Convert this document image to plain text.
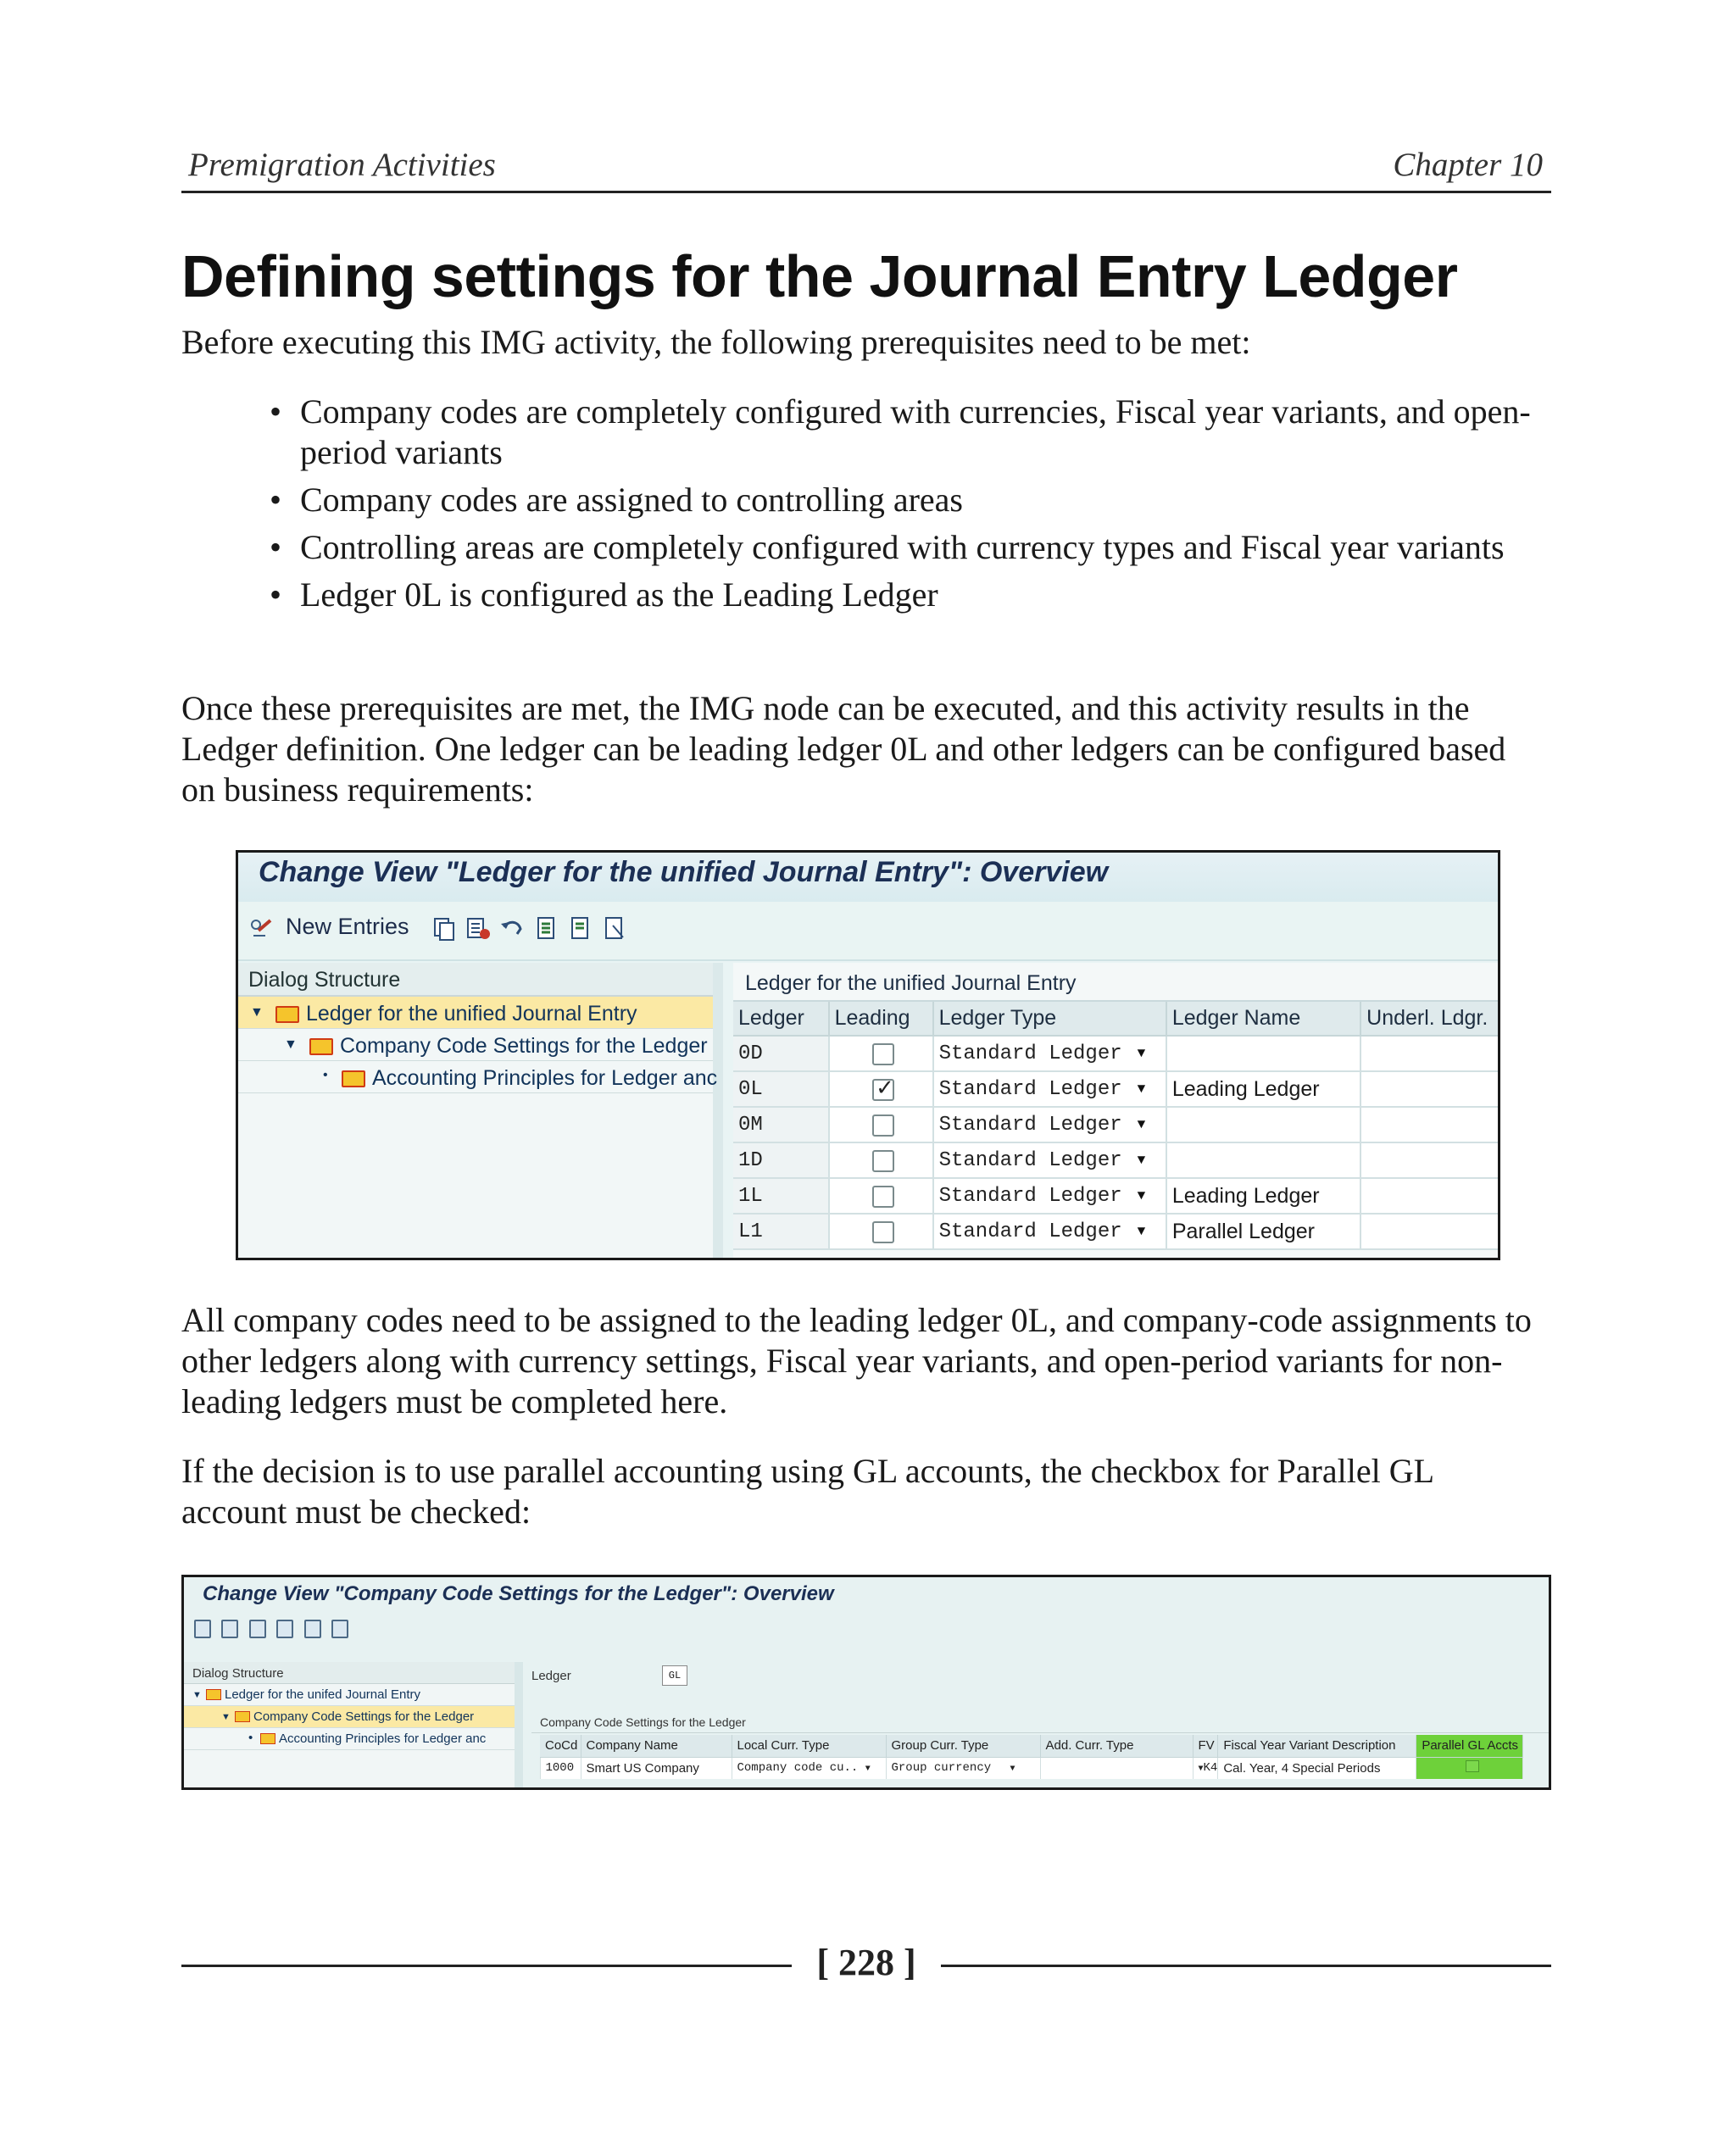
Premigration Activities	Chapter 10
Defining settings for the Journal Entry Ledger

Before executing this IMG activity, the following prerequisites need to be met:

• Company codes are completely configured with currencies, Fiscal year variants, and open-period variants
• Company codes are assigned to controlling areas
• Controlling areas are completely configured with currency types and Fiscal year variants
• Ledger 0L is configured as the Leading Ledger

Once these prerequisites are met, the IMG node can be executed, and this activity results in the Ledger definition. One ledger can be leading ledger 0L and other ledgers can be configured based on business requirements:

Change View "Ledger for the unified Journal Entry": Overview
New Entries
Dialog Structure
▼	Ledger for the unified Journal Entry
▼	Company Code Settings for the Ledger
•	Accounting Principles for Ledger anc
Ledger for the unified Journal Entry
Ledger	Leading	Ledger Type	Ledger Name	Underl. Ldgr.
0D		Standard Ledger ▼		
0L	✓	Standard Ledger ▼	Leading Ledger	
0M		Standard Ledger ▼		
1D		Standard Ledger ▼		
1L		Standard Ledger ▼	Leading Ledger	
L1		Standard Ledger ▼	Parallel Ledger	

All company codes need to be assigned to the leading ledger 0L, and company-code assignments to other ledgers along with currency settings, Fiscal year variants, and open-period variants for non-leading ledgers must be completed here.

If the decision is to use parallel accounting using GL accounts, the checkbox for Parallel GL account must be checked:

Change View "Company Code Settings for the Ledger": Overview

Dialog Structure
▼	Ledger for the unifed Journal Entry
▼	Company Code Settings for the Ledger
•	Accounting Principles for Ledger anc
Ledger	GL
Company Code Settings for the Ledger
	CoCd	Company Name	Local Curr. Type	Group Curr. Type	Add. Curr. Type	FV	Fiscal Year Variant Description	Parallel GL Accts
	1000	Smart US Company	Company code cu.. ▼	Group currency ▼		▼K4	Cal. Year, 4 Special Periods	
[ 228 ]
